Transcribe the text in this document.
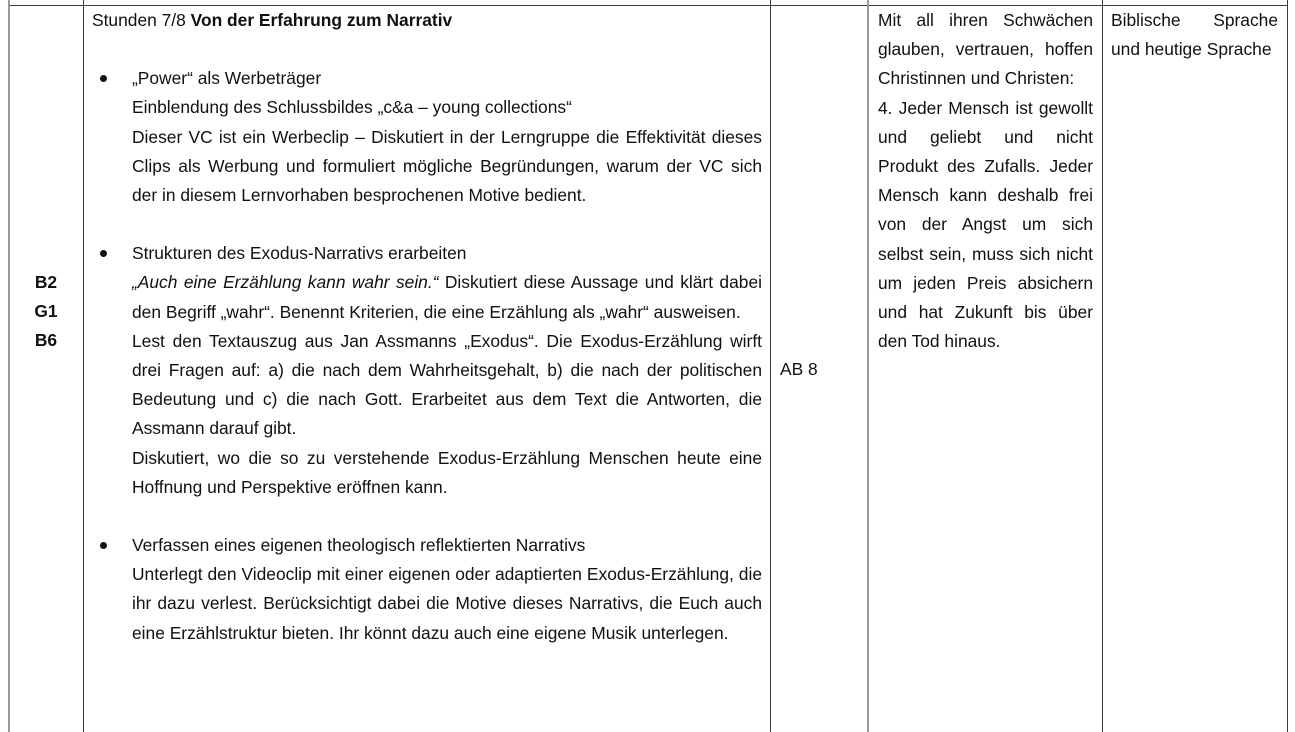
B2
G1
B6
Stunden 7/8 Von der Erfahrung zum Narrativ
„Power“ als Werbeträger
Einblendung des Schlussbildes „c&a – young collections“
Dieser VC ist ein Werbeclip – Diskutiert in der Lerngruppe die Effektivität dieses Clips als Werbung und formuliert mögliche Begründungen, warum der VC sich der in diesem Lernvorhaben besprochenen Motive bedient.
Strukturen des Exodus-Narrativs erarbeiten
„Auch eine Erzählung kann wahr sein.“ Diskutiert diese Aussage und klärt dabei den Begriff „wahr“. Benennt Kriterien, die eine Erzählung als „wahr“ ausweisen.
Lest den Textauszug aus Jan Assmanns „Exodus“. Die Exodus-Erzählung wirft drei Fragen auf: a) die nach dem Wahrheitsgehalt, b) die nach der politischen Bedeutung und c) die nach Gott. Erarbeitet aus dem Text die Antworten, die Assmann darauf gibt.
Diskutiert, wo die so zu verstehende Exodus-Erzählung Menschen heute eine Hoffnung und Perspektive eröffnen kann.
Verfassen eines eigenen theologisch reflektierten Narrativs
Unterlegt den Videoclip mit einer eigenen oder adaptierten Exodus-Erzählung, die ihr dazu verlest. Berücksichtigt dabei die Motive dieses Narrativs, die Euch auch eine Erzählstruktur bieten. Ihr könnt dazu auch eine eigene Musik unterlegen.
AB 8
Mit all ihren Schwächen glauben, vertrauen, hoffen Christinnen und Christen:
4. Jeder Mensch ist gewollt und geliebt und nicht Produkt des Zufalls. Jeder Mensch kann deshalb frei von der Angst um sich selbst sein, muss sich nicht um jeden Preis absichern und hat Zukunft bis über den Tod hinaus.
Biblische Sprache und heutige Sprache
